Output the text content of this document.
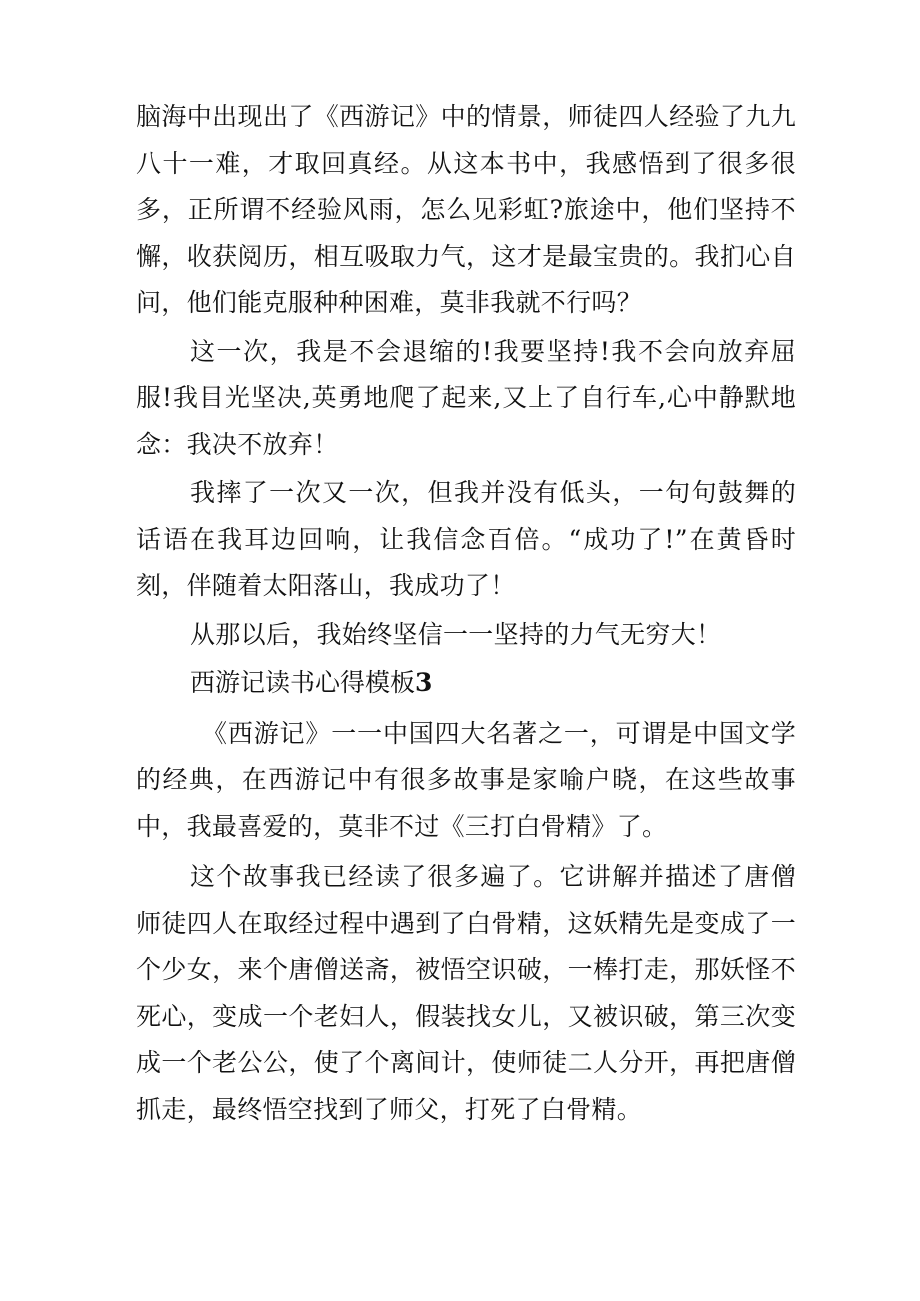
脑海中出现出了《西游记》中的情景，师徒四人经验了九九八十一难，才取回真经。从这本书中，我感悟到了很多很多，正所谓不经验风雨，怎么见彩虹?旅途中，他们坚持不懈，收获阅历，相互吸取力气，这才是最宝贵的。我扪心自问，他们能克服种种困难，莫非我就不行吗？

这一次，我是不会退缩的!我要坚持!我不会向放弃屈服!我目光坚决,英勇地爬了起来,又上了自行车,心中静默地念：我决不放弃！

我摔了一次又一次，但我并没有低头，一句句鼓舞的话语在我耳边回响，让我信念百倍。“成功了!”在黄昏时刻，伴随着太阳落山，我成功了！

从那以后，我始终坚信一一坚持的力气无穷大！

西游记读书心得模板3

《西游记》一一中国四大名著之一，可谓是中国文学的经典，在西游记中有很多故事是家喻户晓，在这些故事中，我最喜爱的，莫非不过《三打白骨精》了。

这个故事我已经读了很多遍了。它讲解并描述了唐僧师徒四人在取经过程中遇到了白骨精，这妖精先是变成了一个少女，来个唐僧送斋，被悟空识破，一棒打走，那妖怪不死心，变成一个老妇人，假装找女儿，又被识破，第三次变成一个老公公，使了个离间计，使师徒二人分开，再把唐僧抓走，最终悟空找到了师父，打死了白骨精。
